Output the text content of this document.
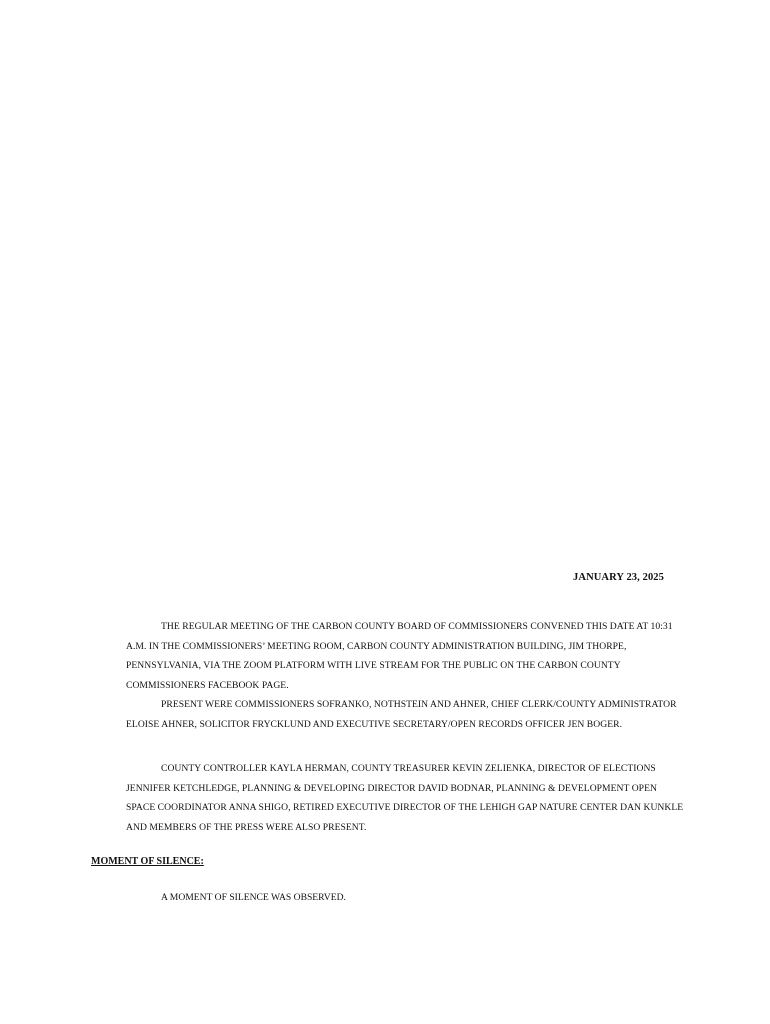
JANUARY 23, 2025

THE REGULAR MEETING OF THE CARBON COUNTY BOARD OF COMMISSIONERS CONVENED THIS DATE AT 10:31 A.M. IN THE COMMISSIONERS’ MEETING ROOM, CARBON COUNTY ADMINISTRATION BUILDING, JIM THORPE, PENNSYLVANIA, VIA THE ZOOM PLATFORM WITH LIVE STREAM FOR THE PUBLIC ON THE CARBON COUNTY COMMISSIONERS FACEBOOK PAGE.

PRESENT WERE COMMISSIONERS SOFRANKO, NOTHSTEIN AND AHNER, CHIEF CLERK/COUNTY ADMINISTRATOR ELOISE AHNER, SOLICITOR FRYCKLUND AND EXECUTIVE SECRETARY/OPEN RECORDS OFFICER JEN BOGER.

COUNTY CONTROLLER KAYLA HERMAN, COUNTY TREASURER KEVIN ZELIENKA, DIRECTOR OF ELECTIONS JENNIFER KETCHLEDGE, PLANNING & DEVELOPING DIRECTOR DAVID BODNAR, PLANNING & DEVELOPMENT OPEN SPACE COORDINATOR ANNA SHIGO, RETIRED EXECUTIVE DIRECTOR OF THE LEHIGH GAP NATURE CENTER DAN KUNKLE AND MEMBERS OF THE PRESS WERE ALSO PRESENT.

MOMENT OF SILENCE:
A MOMENT OF SILENCE WAS OBSERVED.
